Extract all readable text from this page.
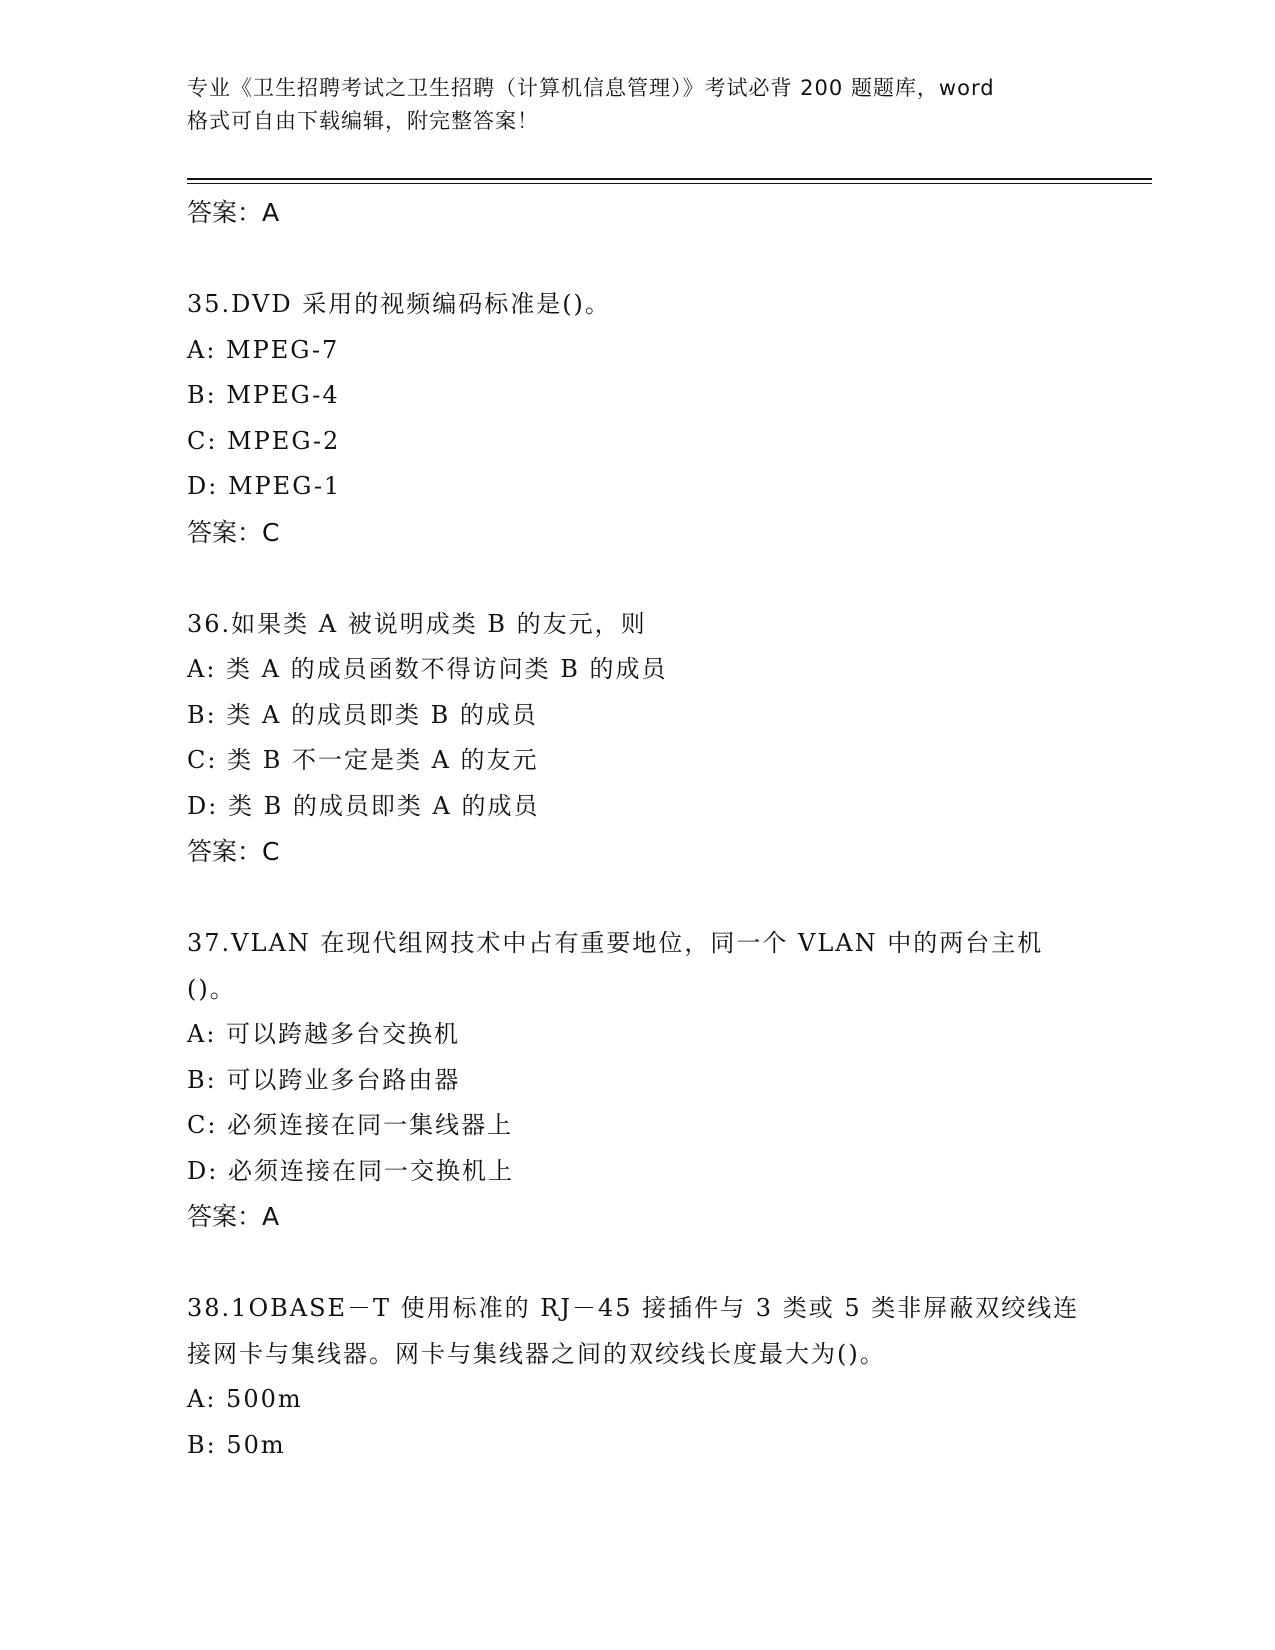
专业《卫生招聘考试之卫生招聘（计算机信息管理）》考试必背 200 题题库，word
格式可自由下载编辑，附完整答案！
答案：A

35.DVD 采用的视频编码标准是()。

A: MPEG-7

B: MPEG-4

C: MPEG-2

D: MPEG-1

答案：C

36.如果类 A 被说明成类 B 的友元，则

A: 类 A 的成员函数不得访问类 B 的成员

B: 类 A 的成员即类 B 的成员

C: 类 B 不一定是类 A 的友元

D: 类 B 的成员即类 A 的成员

答案：C

37.VLAN 在现代组网技术中占有重要地位，同一个 VLAN 中的两台主机

()。

A: 可以跨越多台交换机

B: 可以跨业多台路由器

C: 必须连接在同一集线器上

D: 必须连接在同一交换机上

答案：A

38.1OBASE－T 使用标准的 RJ－45 接插件与 3 类或 5 类非屏蔽双绞线连

接网卡与集线器。网卡与集线器之间的双绞线长度最大为()。

A: 500m

B: 50m
